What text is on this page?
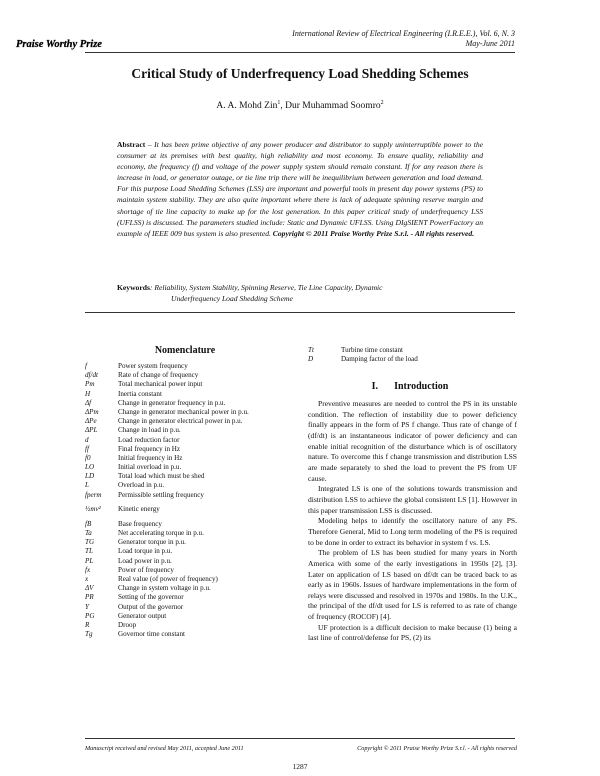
Praise Worthy Prize
International Review of Electrical Engineering (I.R.E.E.), Vol. 6, N. 3
May-June 2011
Critical Study of Underfrequency Load Shedding Schemes
A. A. Mohd Zin$^1$, Dur Muhammad Soomro$^2$
Abstract – It has been prime objective of any power producer and distributor to supply uninterruptible power to the consumer at its premises with best quality, high reliability and most economy. To ensure quality, reliability and economy, the frequency (f) and voltage of the power supply system should remain constant. If for any reason there is increase in load, or generator outage, or tie line trip there will be inequilibrium between generation and load demand. For this purpose Load Shedding Schemes (LSS) are important and powerful tools in present day power systems (PS) to maintain system stability. They are also quite important where there is lack of adequate spinning reserve margin and shortage of tie line capacity to make up for the lost generation. In this paper critical study of underfrequency LSS (UFLSS) is discussed. The parameters studied include: Static and Dynamic UFLSS. Using DIgSIENT PowerFactory an example of IEEE 009 bus system is also presented. Copyright © 2011 Praise Worthy Prize S.r.l. - All rights reserved.
Keywords: Reliability, System Stability, Spinning Reserve, Tie Line Capacity, Dynamic
Underfrequency Load Shedding Scheme
Nomenclature
f	Power system frequency
df/dt	Rate of change of frequency
Pm	Total mechanical power input
H	Inertia constant
Δf	Change in generator frequency in p.u.
ΔPm	Change in generator mechanical power in p.u.
ΔPe	Change in generator electrical power in p.u.
ΔPL	Change in load in p.u.
d	Load reduction factor
ff	Final frequency in Hz
f0	Initial frequency in Hz
LO	Initial overload in p.u.
LD	Total load which must be shed
L	Overload in p.u.
fperm	Permissible settling frequency
½mv²	Kinetic energy
fB	Base frequency
Ta	Net accelerating torque in p.u.
TG	Generator torque in p.u.
TL	Load torque in p.u.
PL	Load power in p.u.
fx	Power of frequency
x	Real value (of power of frequency)
ΔV	Change in system voltage in p.u.
PR	Setting of the governor
Y	Output of the governor
PG	Generator output
R	Droop
Tg	Governor time constant
Tt	Turbine time constant
D	Damping factor of the load
I. Introduction

Preventive measures are needed to control the PS in its unstable condition. The reflection of instability due to power deficiency finally appears in the form of PS f change. Thus rate of change of f (df/dt) is an instantaneous indicator of power deficiency and can enable initial recognition of the disturbance which is of oscillatory nature. To overcome this f change transmission and distribution LSS are made separately to shed the load to prevent the PS from UF cause.

Integrated LS is one of the solutions towards transmission and distribution LSS to achieve the global consistent LS [1]. However in this paper transmission LSS is discussed.

Modeling helps to identify the oscillatory nature of any PS. Therefore General, Mid to Long term modeling of the PS is required to be done in order to extract its behavior in system f vs. LS.

The problem of LS has been studied for many years in North America with some of the early investigations in 1950s [2], [3]. Later on application of LS based on df/dt can be traced back to as early as in 1960s. Issues of hardware implementations in the form of relays were discussed and resolved in 1970s and 1980s. In the U.K., the principal of the df/dt used for LS is referred to as rate of change of frequency (ROCOF) [4].

UF protection is a difficult decision to make because (1) being a last line of control/defense for PS, (2) its

Manuscript received and revised May 2011, accepted June 2011	Copyright © 2011 Praise Worthy Prize S.r.l. - All rights reserved
1287
